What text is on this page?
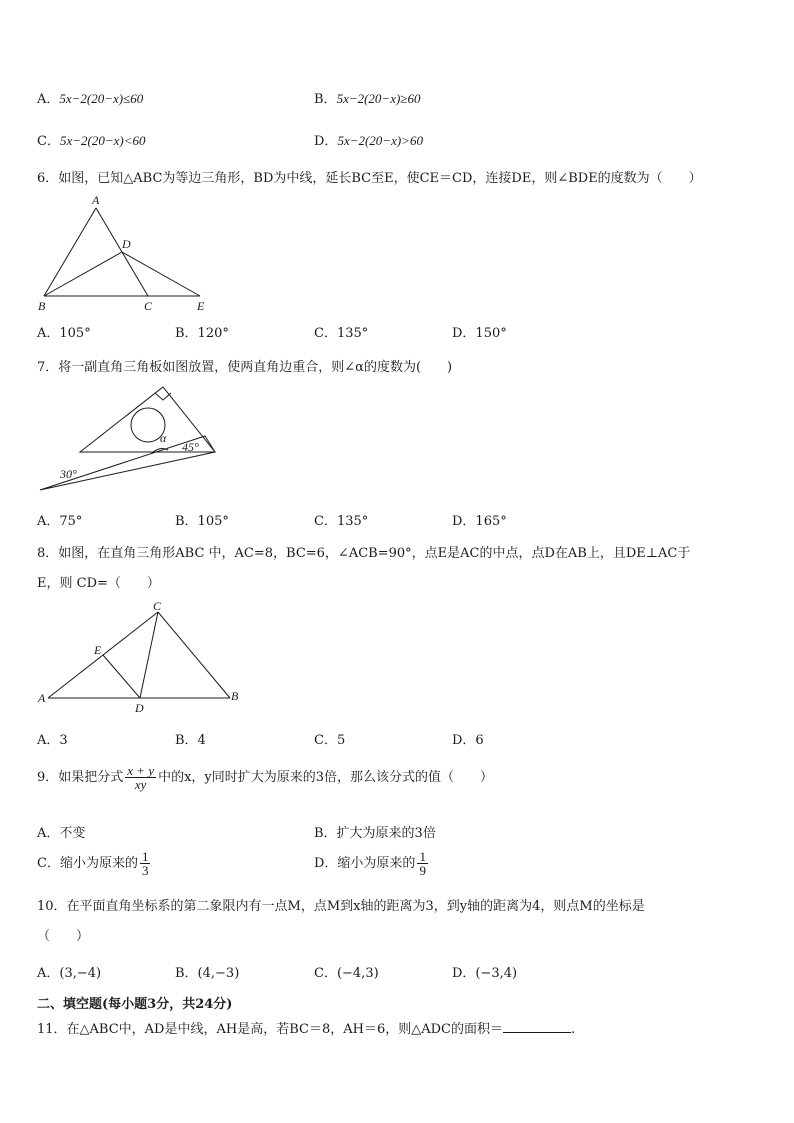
A．5x−2(20−x)≤60	B．5x−2(20−x)≥60
C．5x−2(20−x)<60	D．5x−2(20−x)>60
6．如图，已知△ABC为等边三角形，BD为中线，延长BC至E，使CE＝CD，连接DE，则∠BDE的度数为（　　）
A
D
B	C	E
A．105°	B．120°	C．135°	D．150°
7．将一副直角三角板如图放置，使两直角边重合，则∠α的度数为(　　)
α
45°
30°
A．75°	B．105°	C．135°	D．165°
8．如图，在直角三角形ABC 中，AC=8，BC=6，∠ACB=90°，点E是AC的中点，点D在AB上，且DE⊥AC于
E，则 CD=（　　）
C
E
A
D
B
A．3	B．4	C．5	D．6
9．如果把分式 $\frac{x + y}{xy}$ 中的x，y同时扩大为原来的3倍，那么该分式的值（　　）
A．不变	B．扩大为原来的3倍
C．缩小为原来的 $\frac{1}{3}$	D．缩小为原来的 $\frac{1}{9}$
10．在平面直角坐标系的第二象限内有一点M，点M到x轴的距离为3，到y轴的距离为4，则点M的坐标是
（　　）
A．(3,−4)	B．(4,−3)	C．(−4,3)	D．(−3,4)
二、填空题(每小题3分，共24分)
11．在△ABC中，AD是中线，AH是高，若BC＝8，AH＝6，则△ADC的面积＝	.
